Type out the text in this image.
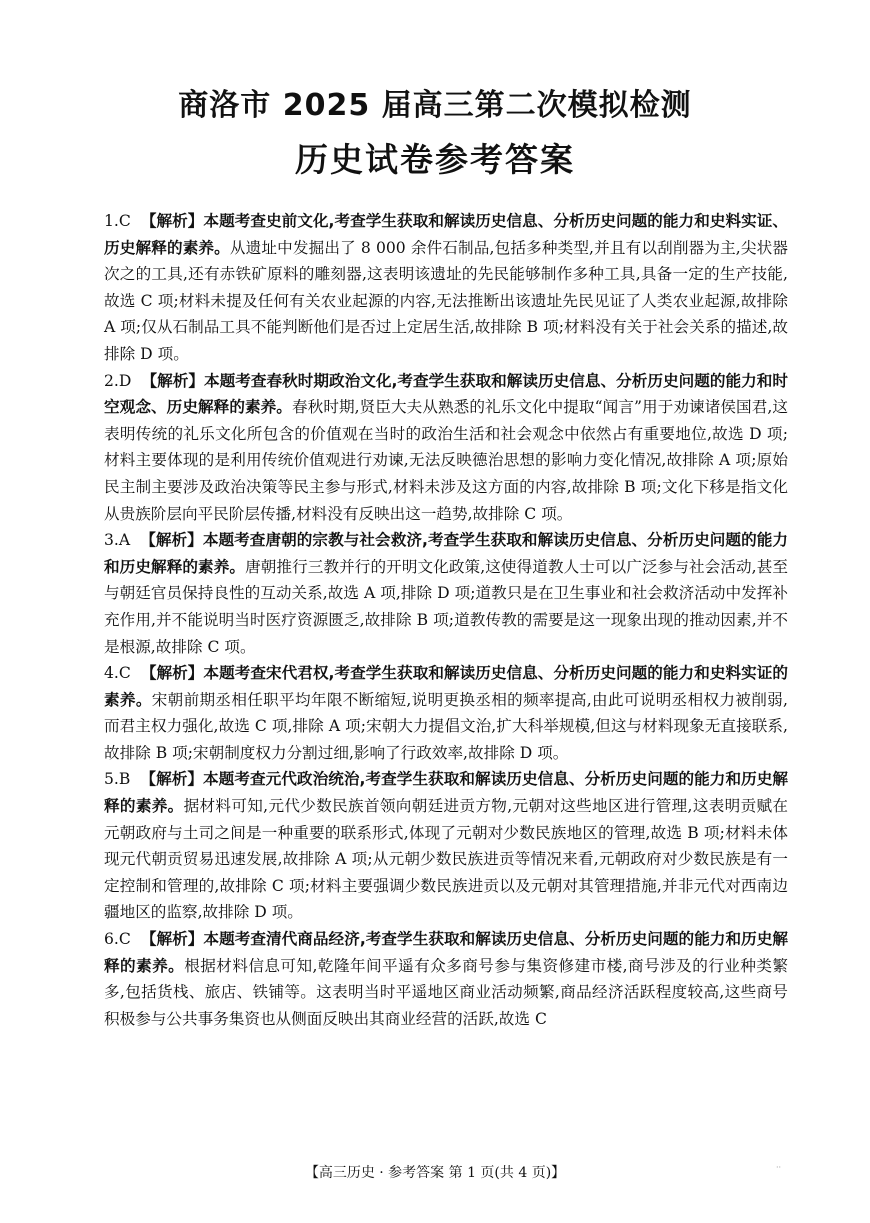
商洛市 2025 届高三第二次模拟检测
历史试卷参考答案
1.C 【解析】本题考查史前文化,考查学生获取和解读历史信息、分析历史问题的能力和史料实证、历史解释的素养。从遗址中发掘出了 8 000 余件石制品,包括多种类型,并且有以刮削器为主,尖状器次之的工具,还有赤铁矿原料的雕刻器,这表明该遗址的先民能够制作多种工具,具备一定的生产技能,故选 C 项;材料未提及任何有关农业起源的内容,无法推断出该遗址先民见证了人类农业起源,故排除 A 项;仅从石制品工具不能判断他们是否过上定居生活,故排除 B 项;材料没有关于社会关系的描述,故排除 D 项。
2.D 【解析】本题考查春秋时期政治文化,考查学生获取和解读历史信息、分析历史问题的能力和时空观念、历史解释的素养。春秋时期,贤臣大夫从熟悉的礼乐文化中提取“闻言”用于劝谏诸侯国君,这表明传统的礼乐文化所包含的价值观在当时的政治生活和社会观念中依然占有重要地位,故选 D 项;材料主要体现的是利用传统价值观进行劝谏,无法反映德治思想的影响力变化情况,故排除 A 项;原始民主制主要涉及政治决策等民主参与形式,材料未涉及这方面的内容,故排除 B 项;文化下移是指文化从贵族阶层向平民阶层传播,材料没有反映出这一趋势,故排除 C 项。
3.A 【解析】本题考查唐朝的宗教与社会救济,考查学生获取和解读历史信息、分析历史问题的能力和历史解释的素养。唐朝推行三教并行的开明文化政策,这使得道教人士可以广泛参与社会活动,甚至与朝廷官员保持良性的互动关系,故选 A 项,排除 D 项;道教只是在卫生事业和社会救济活动中发挥补充作用,并不能说明当时医疗资源匮乏,故排除 B 项;道教传教的需要是这一现象出现的推动因素,并不是根源,故排除 C 项。
4.C 【解析】本题考查宋代君权,考查学生获取和解读历史信息、分析历史问题的能力和史料实证的素养。宋朝前期丞相任职平均年限不断缩短,说明更换丞相的频率提高,由此可说明丞相权力被削弱,而君主权力强化,故选 C 项,排除 A 项;宋朝大力提倡文治,扩大科举规模,但这与材料现象无直接联系,故排除 B 项;宋朝制度权力分割过细,影响了行政效率,故排除 D 项。
5.B 【解析】本题考查元代政治统治,考查学生获取和解读历史信息、分析历史问题的能力和历史解释的素养。据材料可知,元代少数民族首领向朝廷进贡方物,元朝对这些地区进行管理,这表明贡赋在元朝政府与土司之间是一种重要的联系形式,体现了元朝对少数民族地区的管理,故选 B 项;材料未体现元代朝贡贸易迅速发展,故排除 A 项;从元朝少数民族进贡等情况来看,元朝政府对少数民族是有一定控制和管理的,故排除 C 项;材料主要强调少数民族进贡以及元朝对其管理措施,并非元代对西南边疆地区的监察,故排除 D 项。
6.C 【解析】本题考查清代商品经济,考查学生获取和解读历史信息、分析历史问题的能力和历史解释的素养。根据材料信息可知,乾隆年间平遥有众多商号参与集资修建市楼,商号涉及的行业种类繁多,包括货栈、旅店、铁铺等。这表明当时平遥地区商业活动频繁,商品经济活跃程度较高,这些商号积极参与公共事务集资也从侧面反映出其商业经营的活跃,故选 C
【高三历史 · 参考答案 第 1 页(共 4 页)】	··
